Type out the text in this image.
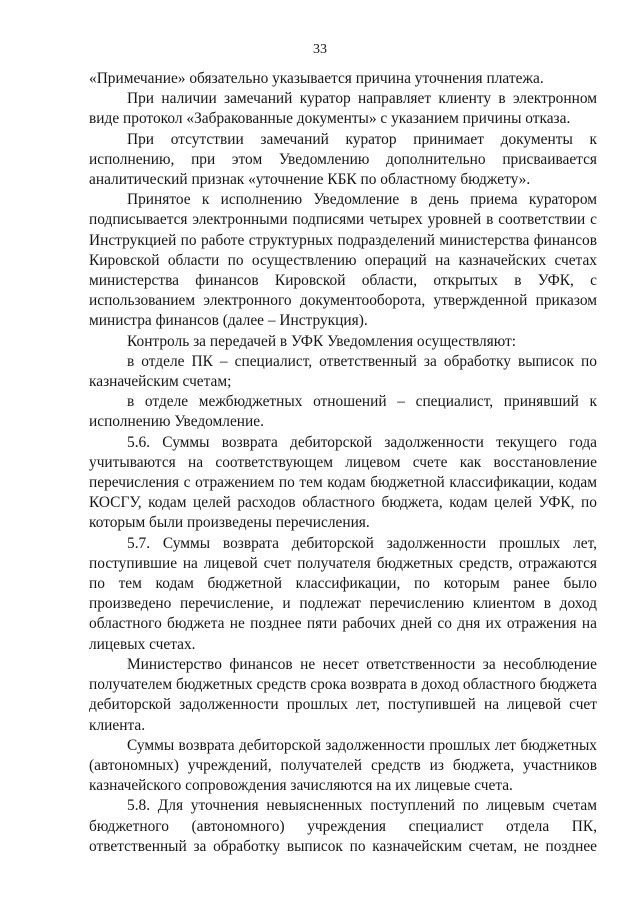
33

«Примечание» обязательно указывается причина уточнения платежа.

При наличии замечаний куратор направляет клиенту в электронном виде протокол «Забракованные документы» с указанием причины отказа.

При отсутствии замечаний куратор принимает документы к исполнению, при этом Уведомлению дополнительно присваивается аналитический признак «уточнение КБК по областному бюджету».

Принятое к исполнению Уведомление в день приема куратором подписывается электронными подписями четырех уровней в соответствии с Инструкцией по работе структурных подразделений министерства финансов Кировской области по осуществлению операций на казначейских счетах министерства финансов Кировской области, открытых в УФК, с использованием электронного документооборота, утвержденной приказом министра финансов (далее – Инструкция).

Контроль за передачей в УФК Уведомления осуществляют:

в отделе ПК – специалист, ответственный за обработку выписок по казначейским счетам;

в отделе межбюджетных отношений – специалист, принявший к исполнению Уведомление.

5.6. Суммы возврата дебиторской задолженности текущего года учитываются на соответствующем лицевом счете как восстановление перечисления с отражением по тем кодам бюджетной классификации, кодам КОСГУ, кодам целей расходов областного бюджета, кодам целей УФК, по которым были произведены перечисления.

5.7. Суммы возврата дебиторской задолженности прошлых лет, поступившие на лицевой счет получателя бюджетных средств, отражаются по тем кодам бюджетной классификации, по которым ранее было произведено перечисление, и подлежат перечислению клиентом в доход областного бюджета не позднее пяти рабочих дней со дня их отражения на лицевых счетах.

Министерство финансов не несет ответственности за несоблюдение получателем бюджетных средств срока возврата в доход областного бюджета дебиторской задолженности прошлых лет, поступившей на лицевой счет клиента.

Суммы возврата дебиторской задолженности прошлых лет бюджетных (автономных) учреждений, получателей средств из бюджета, участников казначейского сопровождения зачисляются на их лицевые счета.

5.8. Для уточнения невыясненных поступлений по лицевым счетам бюджетного (автономного) учреждения специалист отдела ПК, ответственный за обработку выписок по казначейским счетам, не позднее
